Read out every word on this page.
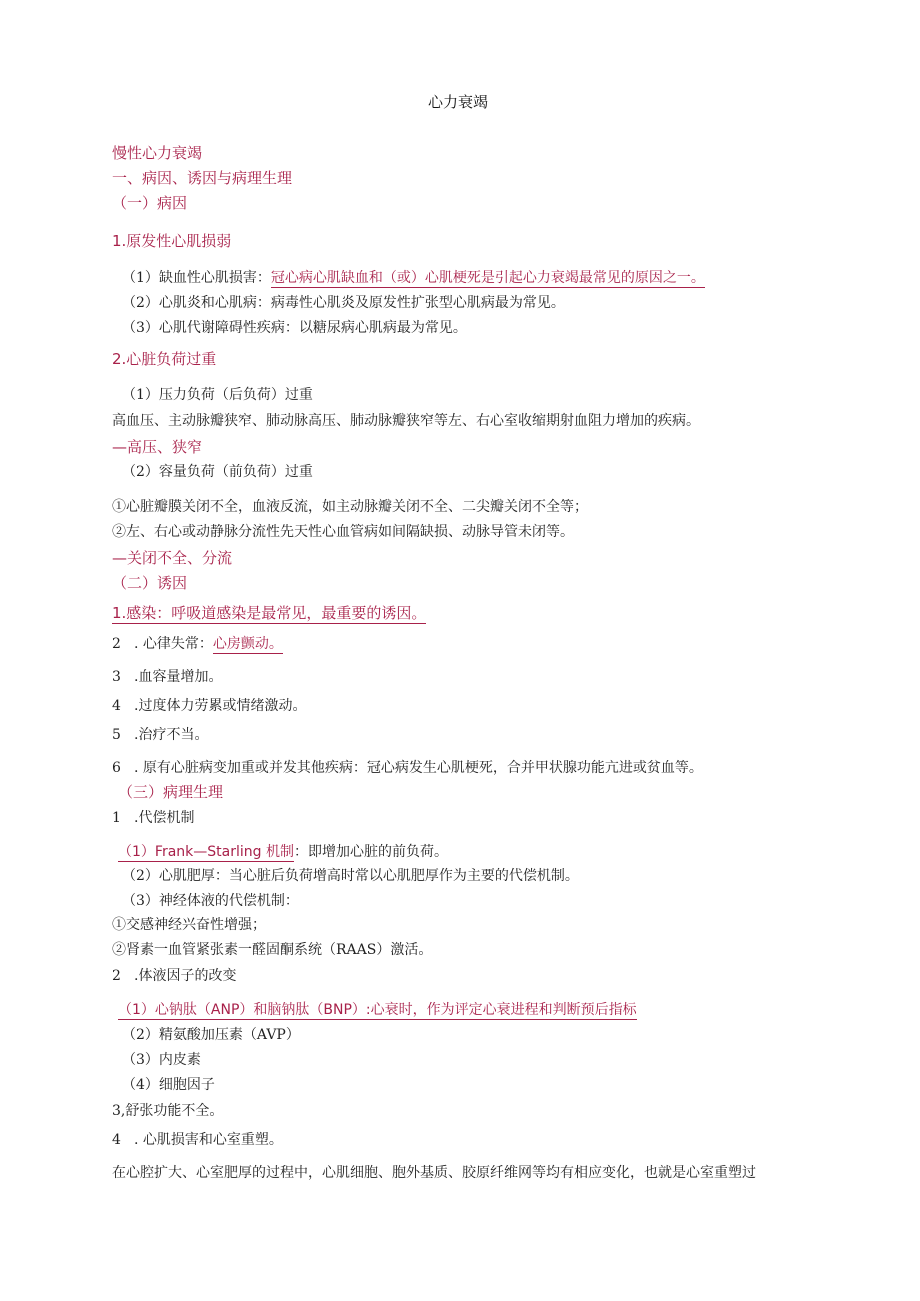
心力衰竭
慢性心力衰竭
一、病因、诱因与病理生理
（一）病因
1.原发性心肌损弱
（1）缺血性心肌损害：冠心病心肌缺血和（或）心肌梗死是引起心力衰竭最常见的原因之一。
（2）心肌炎和心肌病：病毒性心肌炎及原发性扩张型心肌病最为常见。
（3）心肌代谢障碍性疾病：以糖尿病心肌病最为常见。
2.心脏负荷过重
（1）压力负荷（后负荷）过重
高血压、主动脉瓣狭窄、肺动脉高压、肺动脉瓣狭窄等左、右心室收缩期射血阻力增加的疾病。
—高压、狭窄
（2）容量负荷（前负荷）过重
①心脏瓣膜关闭不全，血液反流，如主动脉瓣关闭不全、二尖瓣关闭不全等；
②左、右心或动静脉分流性先天性心血管病如间隔缺损、动脉导管未闭等。
—关闭不全、分流
（二）诱因
1.感染：呼吸道感染是最常见，最重要的诱因。
2 . 心律失常：心房颤动。
3 .血容量增加。
4 .过度体力劳累或情绪激动。
5 .治疗不当。
6 . 原有心脏病变加重或并发其他疾病：冠心病发生心肌梗死，合并甲状腺功能亢进或贫血等。
（三）病理生理
1 .代偿机制
（1）Frank—Starling 机制：即增加心脏的前负荷。
（2）心肌肥厚：当心脏后负荷增高时常以心肌肥厚作为主要的代偿机制。
（3）神经体液的代偿机制：
①交感神经兴奋性增强；
②肾素一血管紧张素一醛固酮系统（RAAS）激活。
2 .体液因子的改变
（1）心钠肽（ANP）和脑钠肽（BNP）:心衰时，作为评定心衰进程和判断预后指标
（2）精氨酸加压素（AVP）
（3）内皮素
（4）细胞因子
3,舒张功能不全。
4 . 心肌损害和心室重塑。
在心腔扩大、心室肥厚的过程中，心肌细胞、胞外基质、胶原纤维网等均有相应变化，也就是心室重塑过
